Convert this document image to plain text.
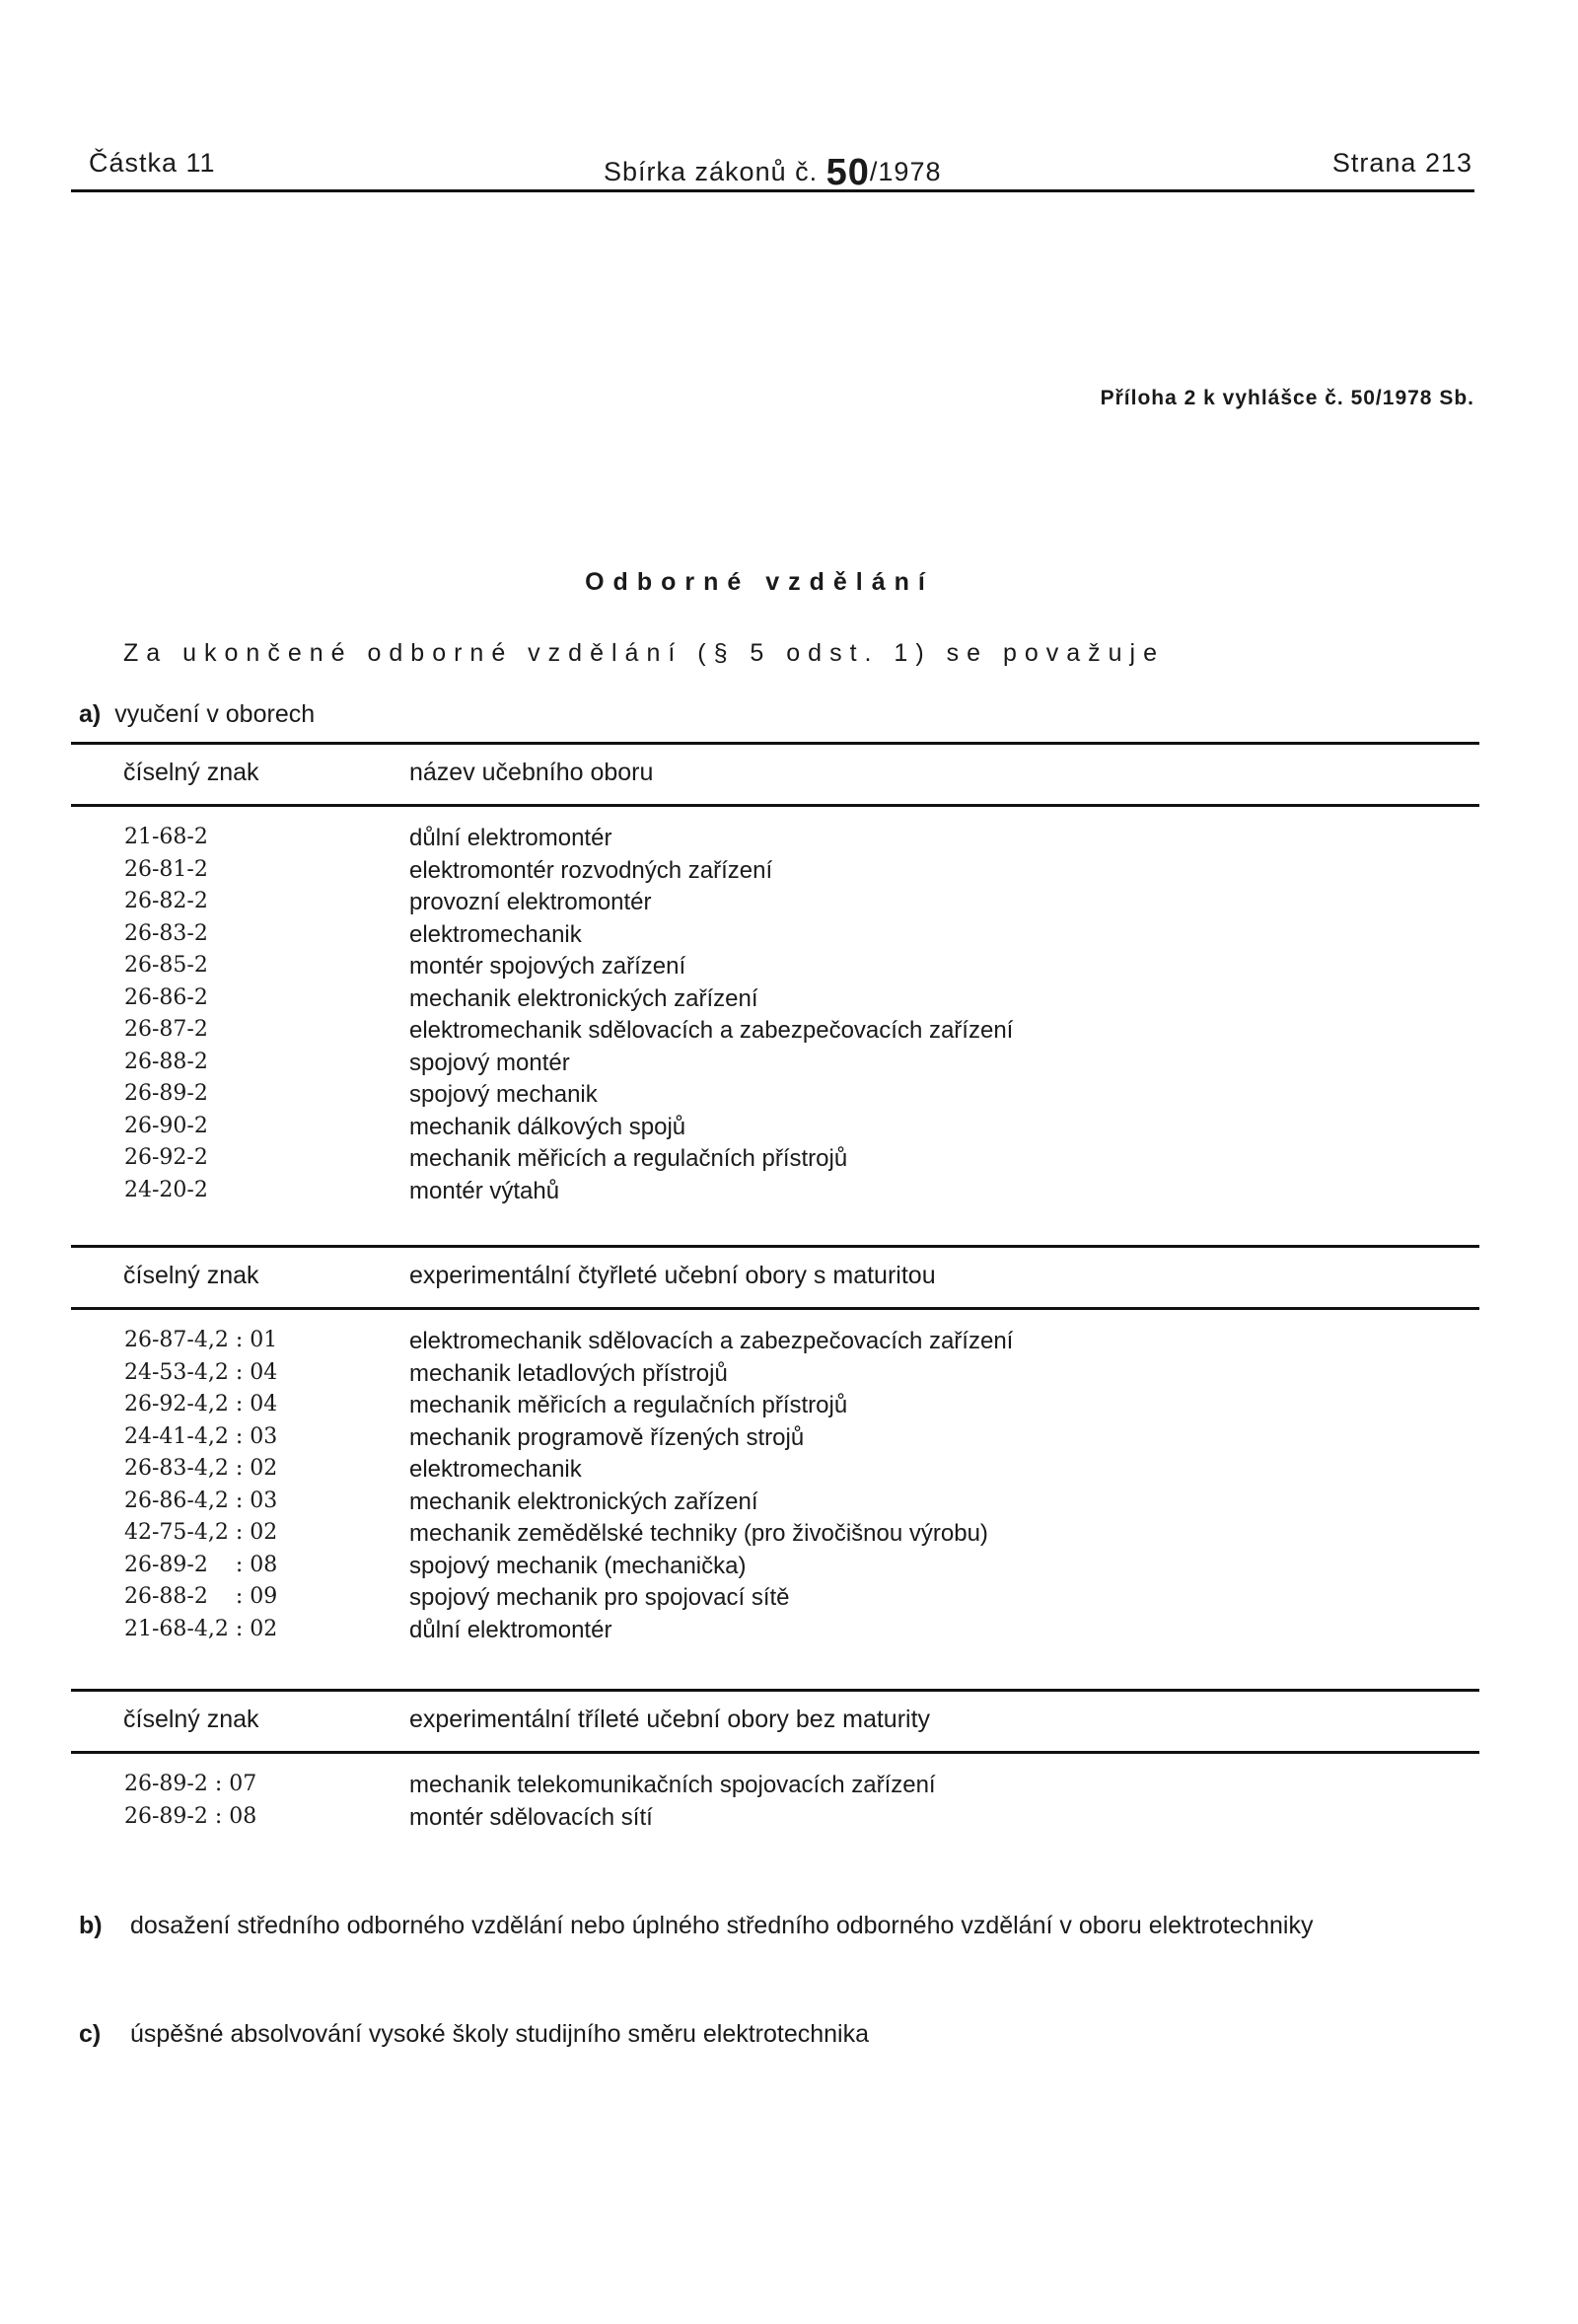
Částka 11	Sbírka zákonů č. 50/1978	Strana 213
Příloha 2 k vyhlášce č. 50/1978 Sb.
Odborné vzdělání
Za ukončené odborné vzdělání (§ 5 odst. 1) se považuje
a) vyučení v oborech
číselný znak	název učebního oboru
21-68-2	důlní elektromontér
26-81-2	elektromontér rozvodných zařízení
26-82-2	provozní elektromontér
26-83-2	elektromechanik
26-85-2	montér spojových zařízení
26-86-2	mechanik elektronických zařízení
26-87-2	elektromechanik sdělovacích a zabezpečovacích zařízení
26-88-2	spojový montér
26-89-2	spojový mechanik
26-90-2	mechanik dálkových spojů
26-92-2	mechanik měřicích a regulačních přístrojů
24-20-2	montér výtahů
číselný znak	experimentální čtyřleté učební obory s maturitou
26-87-4,2 : 01	elektromechanik sdělovacích a zabezpečovacích zařízení
24-53-4,2 : 04	mechanik letadlových přístrojů
26-92-4,2 : 04	mechanik měřicích a regulačních přístrojů
24-41-4,2 : 03	mechanik programově řízených strojů
26-83-4,2 : 02	elektromechanik
26-86-4,2 : 03	mechanik elektronických zařízení
42-75-4,2 : 02	mechanik zemědělské techniky (pro živočišnou výrobu)
26-89-2    : 08	spojový mechanik (mechanička)
26-88-2    : 09	spojový mechanik pro spojovací sítě
21-68-4,2 : 02	důlní elektromontér
číselný znak	experimentální tříleté učební obory bez maturity
26-89-2 : 07	mechanik telekomunikačních spojovacích zařízení
26-89-2 : 08	montér sdělovacích sítí
b) dosažení středního odborného vzdělání nebo úplného středního odborného vzdělání v oboru elektrotechniky
c) úspěšné absolvování vysoké školy studijního směru elektrotechnika
